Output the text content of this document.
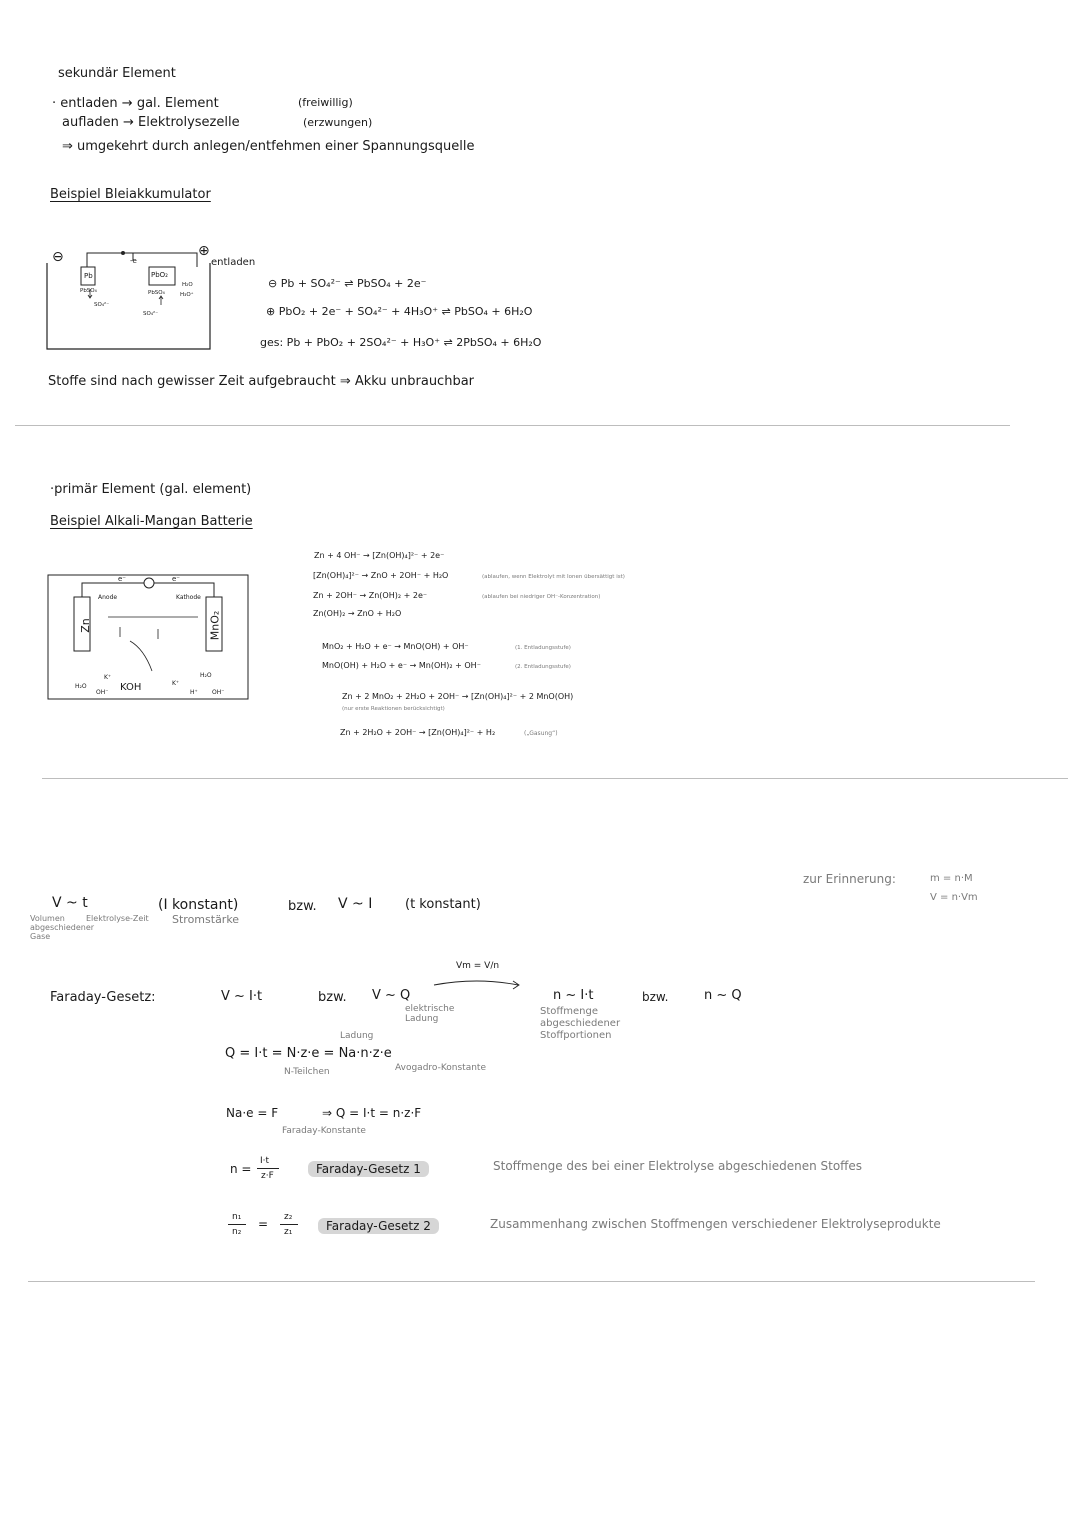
sekundär Element
· entladen → gal. Element	(freiwillig)
aufladen → Elektrolysezelle	(erzwungen)
⇒ umgekehrt durch anlegen/entfehmen einer Spannungsquelle
Beispiel Bleiakkumulator
⊖	⊕
-e
Pb
PbSO₄
SO₄²⁻
PbO₂
H₂O
PbSO₄	H₃O⁺
SO₄²⁻
entladen
⊖ Pb + SO₄²⁻ ⇌ PbSO₄ + 2e⁻
⊕ PbO₂ + 2e⁻ + SO₄²⁻ + 4H₃O⁺ ⇌ PbSO₄ + 6H₂O
ges: Pb + PbO₂ + 2SO₄²⁻ + H₃O⁺ ⇌ 2PbSO₄ + 6H₂O
Stoffe sind nach gewisser Zeit aufgebraucht ⇒ Akku unbrauchbar
·primär Element (gal. element)
Beispiel Alkali-Mangan Batterie
Anode	Kathode
e⁻	e⁻
Zn	MnO₂
KOH
K⁺
K⁺
OH⁻	OH⁻
H₂O
H₂O
H⁺
Zn + 4 OH⁻ → [Zn(OH)₄]²⁻ + 2e⁻
[Zn(OH)₄]²⁻ → ZnO + 2OH⁻ + H₂O	(ablaufen, wenn Elektrolyt mit Ionen übersättigt ist)
Zn + 2OH⁻ → Zn(OH)₂ + 2e⁻	(ablaufen bei niedriger OH⁻-Konzentration)
Zn(OH)₂ → ZnO + H₂O
MnO₂ + H₂O + e⁻ → MnO(OH) + OH⁻	(1. Entladungsstufe)
MnO(OH) + H₂O + e⁻ → Mn(OH)₂ + OH⁻	(2. Entladungsstufe)
Zn + 2 MnO₂ + 2H₂O + 2OH⁻ → [Zn(OH)₄]²⁻ + 2 MnO(OH)
(nur erste Reaktionen berücksichtigt)
Zn + 2H₂O + 2OH⁻ → [Zn(OH)₄]²⁻ + H₂	(„Gasung“)
zur Erinnerung:	m = n·M
V = n·Vm
V ~ t	(I konstant)	bzw. V ~ I	(t konstant)
Volumen abgeschiedener Gase
Elektrolyse-Zeit	Stromstärke
Faraday-Gesetz:	V ~ I·t	bzw. V ~ Q
elektrische Ladung
Vm = V/n
n ~ I·t
Stoffmenge abgeschiedener Stoffportionen
bzw.	n ~ Q
Ladung
Q = I·t = N·z·e = Na·n·z·e
N-Teilchen	Avogadro-Konstante
Na·e = F	⇒ Q = I·t = n·z·F
Faraday-Konstante
n =
I·t
z·F	Faraday-Gesetz 1	Stoffmenge des bei einer Elektrolyse abgeschiedenen Stoffes
n₁
n₂
= z₂
z₁	Faraday-Gesetz 2	Zusammenhang zwischen Stoffmengen verschiedener Elektrolyseprodukte
